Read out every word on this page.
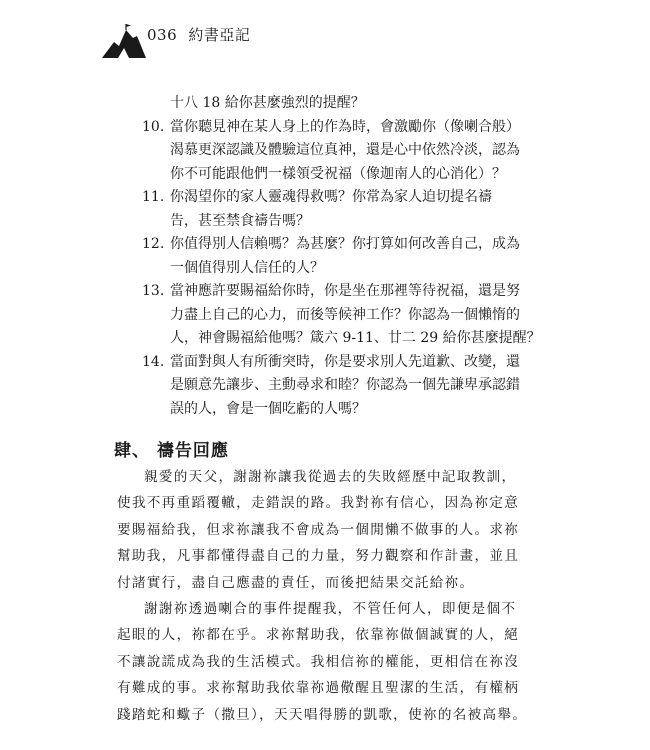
036 約書亞記
十八 18 給你甚麼強烈的提醒？
10. 當你聽見神在某人身上的作為時，會激勵你（像喇合般）
渴慕更深認識及體驗這位真神，還是心中依然冷淡，認為
你不可能跟他們一樣領受祝福（像迦南人的心消化）？
11. 你渴望你的家人靈魂得救嗎？你常為家人迫切提名禱
告，甚至禁食禱告嗎？
12. 你值得別人信賴嗎？為甚麼？你打算如何改善自己，成為
一個值得別人信任的人？
13. 當神應許要賜福給你時，你是坐在那裡等待祝福，還是努
力盡上自己的心力，而後等候神工作？你認為一個懶惰的
人，神會賜福給他嗎？箴六 9-11、廿二 29 給你甚麼提醒？
14. 當面對與人有所衝突時，你是要求別人先道歉、改變，還
是願意先讓步、主動尋求和睦？你認為一個先謙卑承認錯
誤的人，會是一個吃虧的人嗎？
肆、 禱告回應
親愛的天父，謝謝祢讓我從過去的失敗經歷中記取教訓，
使我不再重蹈覆轍，走錯誤的路。我對祢有信心，因為祢定意
要賜福給我，但求祢讓我不會成為一個閒懶不做事的人。求祢
幫助我，凡事都懂得盡自己的力量，努力觀察和作計畫，並且
付諸實行，盡自己應盡的責任，而後把結果交託給祢。
謝謝祢透過喇合的事件提醒我，不管任何人，即便是個不
起眼的人，祢都在乎。求祢幫助我，依靠祢做個誠實的人，絕
不讓說謊成為我的生活模式。我相信祢的權能，更相信在祢沒
有難成的事。求祢幫助我依靠祢過儆醒且聖潔的生活，有權柄
踐踏蛇和蠍子（撒旦），天天唱得勝的凱歌，使祢的名被高舉。
